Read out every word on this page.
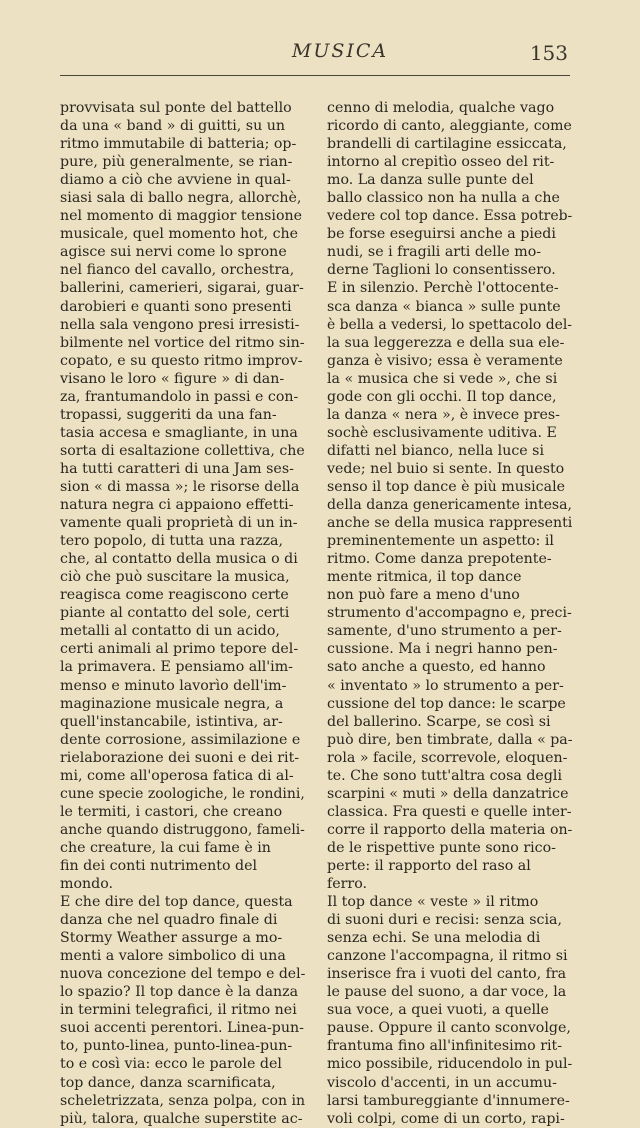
MUSICA	153
provvisata sul ponte del battello
da una « band » di guitti, su un
ritmo immutabile di batteria; op-
pure, più generalmente, se rian-
diamo a ciò che avviene in qual-
siasi sala di ballo negra, allorchè,
nel momento di maggior tensione
musicale, quel momento hot, che
agisce sui nervi come lo sprone
nel fianco del cavallo, orchestra,
ballerini, camerieri, sigarai, guar-
darobieri e quanti sono presenti
nella sala vengono presi irresisti-
bilmente nel vortice del ritmo sin-
copato, e su questo ritmo improv-
visano le loro « figure » di dan-
za, frantumandolo in passi e con-
tropassi, suggeriti da una fan-
tasia accesa e smagliante, in una
sorta di esaltazione collettiva, che
ha tutti caratteri di una Jam ses-
sion « di massa »; le risorse della
natura negra ci appaiono effetti-
vamente quali proprietà di un in-
tero popolo, di tutta una razza,
che, al contatto della musica o di
ciò che può suscitare la musica,
reagisca come reagiscono certe
piante al contatto del sole, certi
metalli al contatto di un acido,
certi animali al primo tepore del-
la primavera. E pensiamo all'im-
menso e minuto lavorìo dell'im-
maginazione musicale negra, a
quell'instancabile, istintiva, ar-
dente corrosione, assimilazione e
rielaborazione dei suoni e dei rit-
mi, come all'operosa fatica di al-
cune specie zoologiche, le rondini,
le termiti, i castori, che creano
anche quando distruggono, fameli-
che creature, la cui fame è in
fin dei conti nutrimento del
mondo.
E che dire del top dance, questa
danza che nel quadro finale di
Stormy Weather assurge a mo-
menti a valore simbolico di una
nuova concezione del tempo e del-
lo spazio? Il top dance è la danza
in termini telegrafici, il ritmo nei
suoi accenti perentori. Linea-pun-
to, punto-linea, punto-linea-pun-
to e così via: ecco le parole del
top dance, danza scarnificata,
scheletrizzata, senza polpa, con in
più, talora, qualche superstite ac-
cenno di melodia, qualche vago
ricordo di canto, aleggiante, come
brandelli di cartilagine essiccata,
intorno al crepitìo osseo del rit-
mo. La danza sulle punte del
ballo classico non ha nulla a che
vedere col top dance. Essa potreb-
be forse eseguirsi anche a piedi
nudi, se i fragili arti delle mo-
derne Taglioni lo consentissero.
E in silenzio. Perchè l'ottocente-
sca danza « bianca » sulle punte
è bella a vedersi, lo spettacolo del-
la sua leggerezza e della sua ele-
ganza è visivo; essa è veramente
la « musica che si vede », che si
gode con gli occhi. Il top dance,
la danza « nera », è invece pres-
sochè esclusivamente uditiva. E
difatti nel bianco, nella luce si
vede; nel buio si sente. In questo
senso il top dance è più musicale
della danza genericamente intesa,
anche se della musica rappresenti
preminentemente un aspetto: il
ritmo. Come danza prepotente-
mente ritmica, il top dance
non può fare a meno d'uno
strumento d'accompagno e, preci-
samente, d'uno strumento a per-
cussione. Ma i negri hanno pen-
sato anche a questo, ed hanno
« inventato » lo strumento a per-
cussione del top dance: le scarpe
del ballerino. Scarpe, se così si
può dire, ben timbrate, dalla « pa-
rola » facile, scorrevole, eloquen-
te. Che sono tutt'altra cosa degli
scarpini « muti » della danzatrice
classica. Fra questi e quelle inter-
corre il rapporto della materia on-
de le rispettive punte sono rico-
perte: il rapporto del raso al
ferro.
Il top dance « veste » il ritmo
di suoni duri e recisi: senza scia,
senza echi. Se una melodia di
canzone l'accompagna, il ritmo si
inserisce fra i vuoti del canto, fra
le pause del suono, a dar voce, la
sua voce, a quei vuoti, a quelle
pause. Oppure il canto sconvolge,
frantuma fino all'infinitesimo rit-
mico possibile, riducendolo in pul-
viscolo d'accenti, in un accumu-
larsi tambureggiante d'innumere-
voli colpi, come di un corto, rapi-
